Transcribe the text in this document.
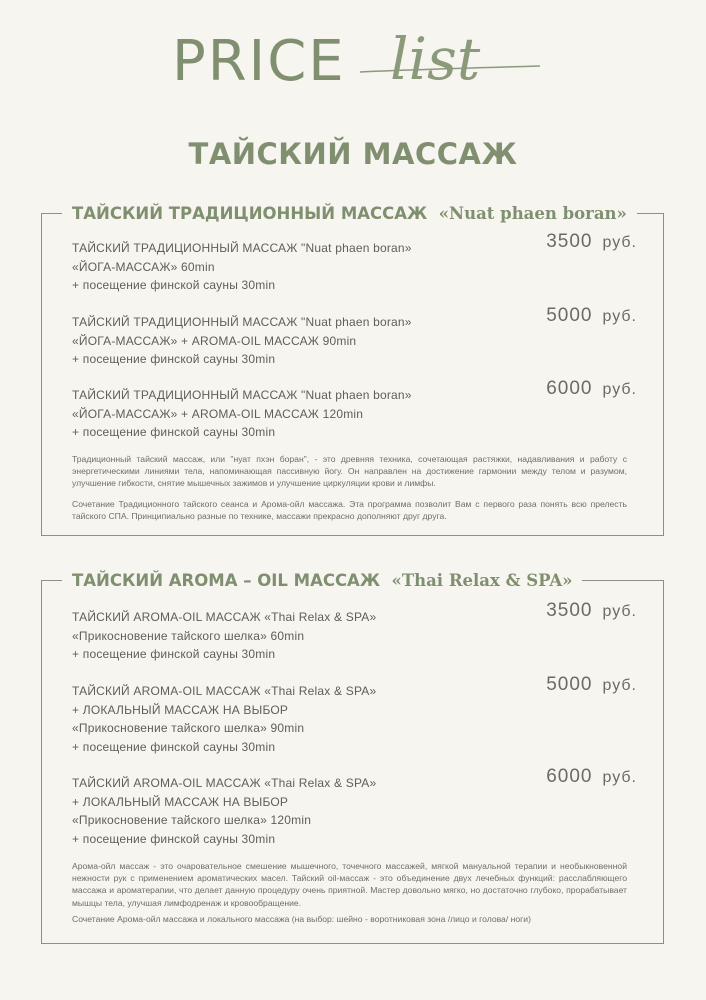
PRICE list
ТАЙСКИЙ МАССАЖ
ТАЙСКИЙ ТРАДИЦИОННЫЙ МАССАЖ «Nuat phaen boran»
ТАЙСКИЙ ТРАДИЦИОННЫЙ МАССАЖ "Nuat phaen boran»
«ЙОГА-МАССАЖ» 60min
+ посещение финской сауны 30min
3500 руб.
ТАЙСКИЙ ТРАДИЦИОННЫЙ МАССАЖ "Nuat phaen boran»
«ЙОГА-МАССАЖ» + AROMA-OIL МАССАЖ 90min
+ посещение финской сауны 30min
5000 руб.
ТАЙСКИЙ ТРАДИЦИОННЫЙ МАССАЖ "Nuat phaen boran»
«ЙОГА-МАССАЖ» + AROMA-OIL МАССАЖ 120min
+ посещение финской сауны 30min
6000 руб.
Традиционный тайский массаж, или "нуат пхэн боран", - это древняя техника, сочетающая растяжки, надавливания и работу с энергетическими линиями тела, напоминающая пассивную йогу. Он направлен на достижение гармонии между телом и разумом, улучшение гибкости, снятие мышечных зажимов и улучшение циркуляции крови и лимфы.
Сочетание Традиционного тайского сеанса и Арома-ойл массажа. Эта программа позволит Вам с первого раза понять всю прелесть тайского СПА. Принципиально разные по технике, массажи прекрасно дополняют друг друга.
ТАЙСКИЙ AROMA – OIL МАССАЖ «Thai Relax & SPA»
ТАЙСКИЙ AROMA-OIL МАССАЖ «Thai Relax & SPA»
«Прикосновение тайского шелка» 60min
+ посещение финской сауны 30min
3500 руб.
ТАЙСКИЙ AROMA-OIL МАССАЖ «Thai Relax & SPA»
+ ЛОКАЛЬНЫЙ МАССАЖ НА ВЫБОР
«Прикосновение тайского шелка» 90min
+ посещение финской сауны 30min
5000 руб.
ТАЙСКИЙ AROMA-OIL МАССАЖ «Thai Relax & SPA»
+ ЛОКАЛЬНЫЙ МАССАЖ НА ВЫБОР
«Прикосновение тайского шелка» 120min
+ посещение финской сауны 30min
6000 руб.
Арома-ойл массаж - это очаровательное смешение мышечного, точечного массажей, мягкой мануальной терапии и необыкновенной нежности рук с применением ароматических масел. Тайский oil-массаж - это объединение двух лечебных функций: расслабляющего массажа и ароматерапии, что делает данную процедуру очень приятной. Мастер довольно мягко, но достаточно глубоко, прорабатывает мышцы тела, улучшая лимфодренаж и кровообращение.
Сочетание Арома-ойл массажа и локального массажа (на выбор: шейно - воротниковая зона /лицо и голова/ ноги)
